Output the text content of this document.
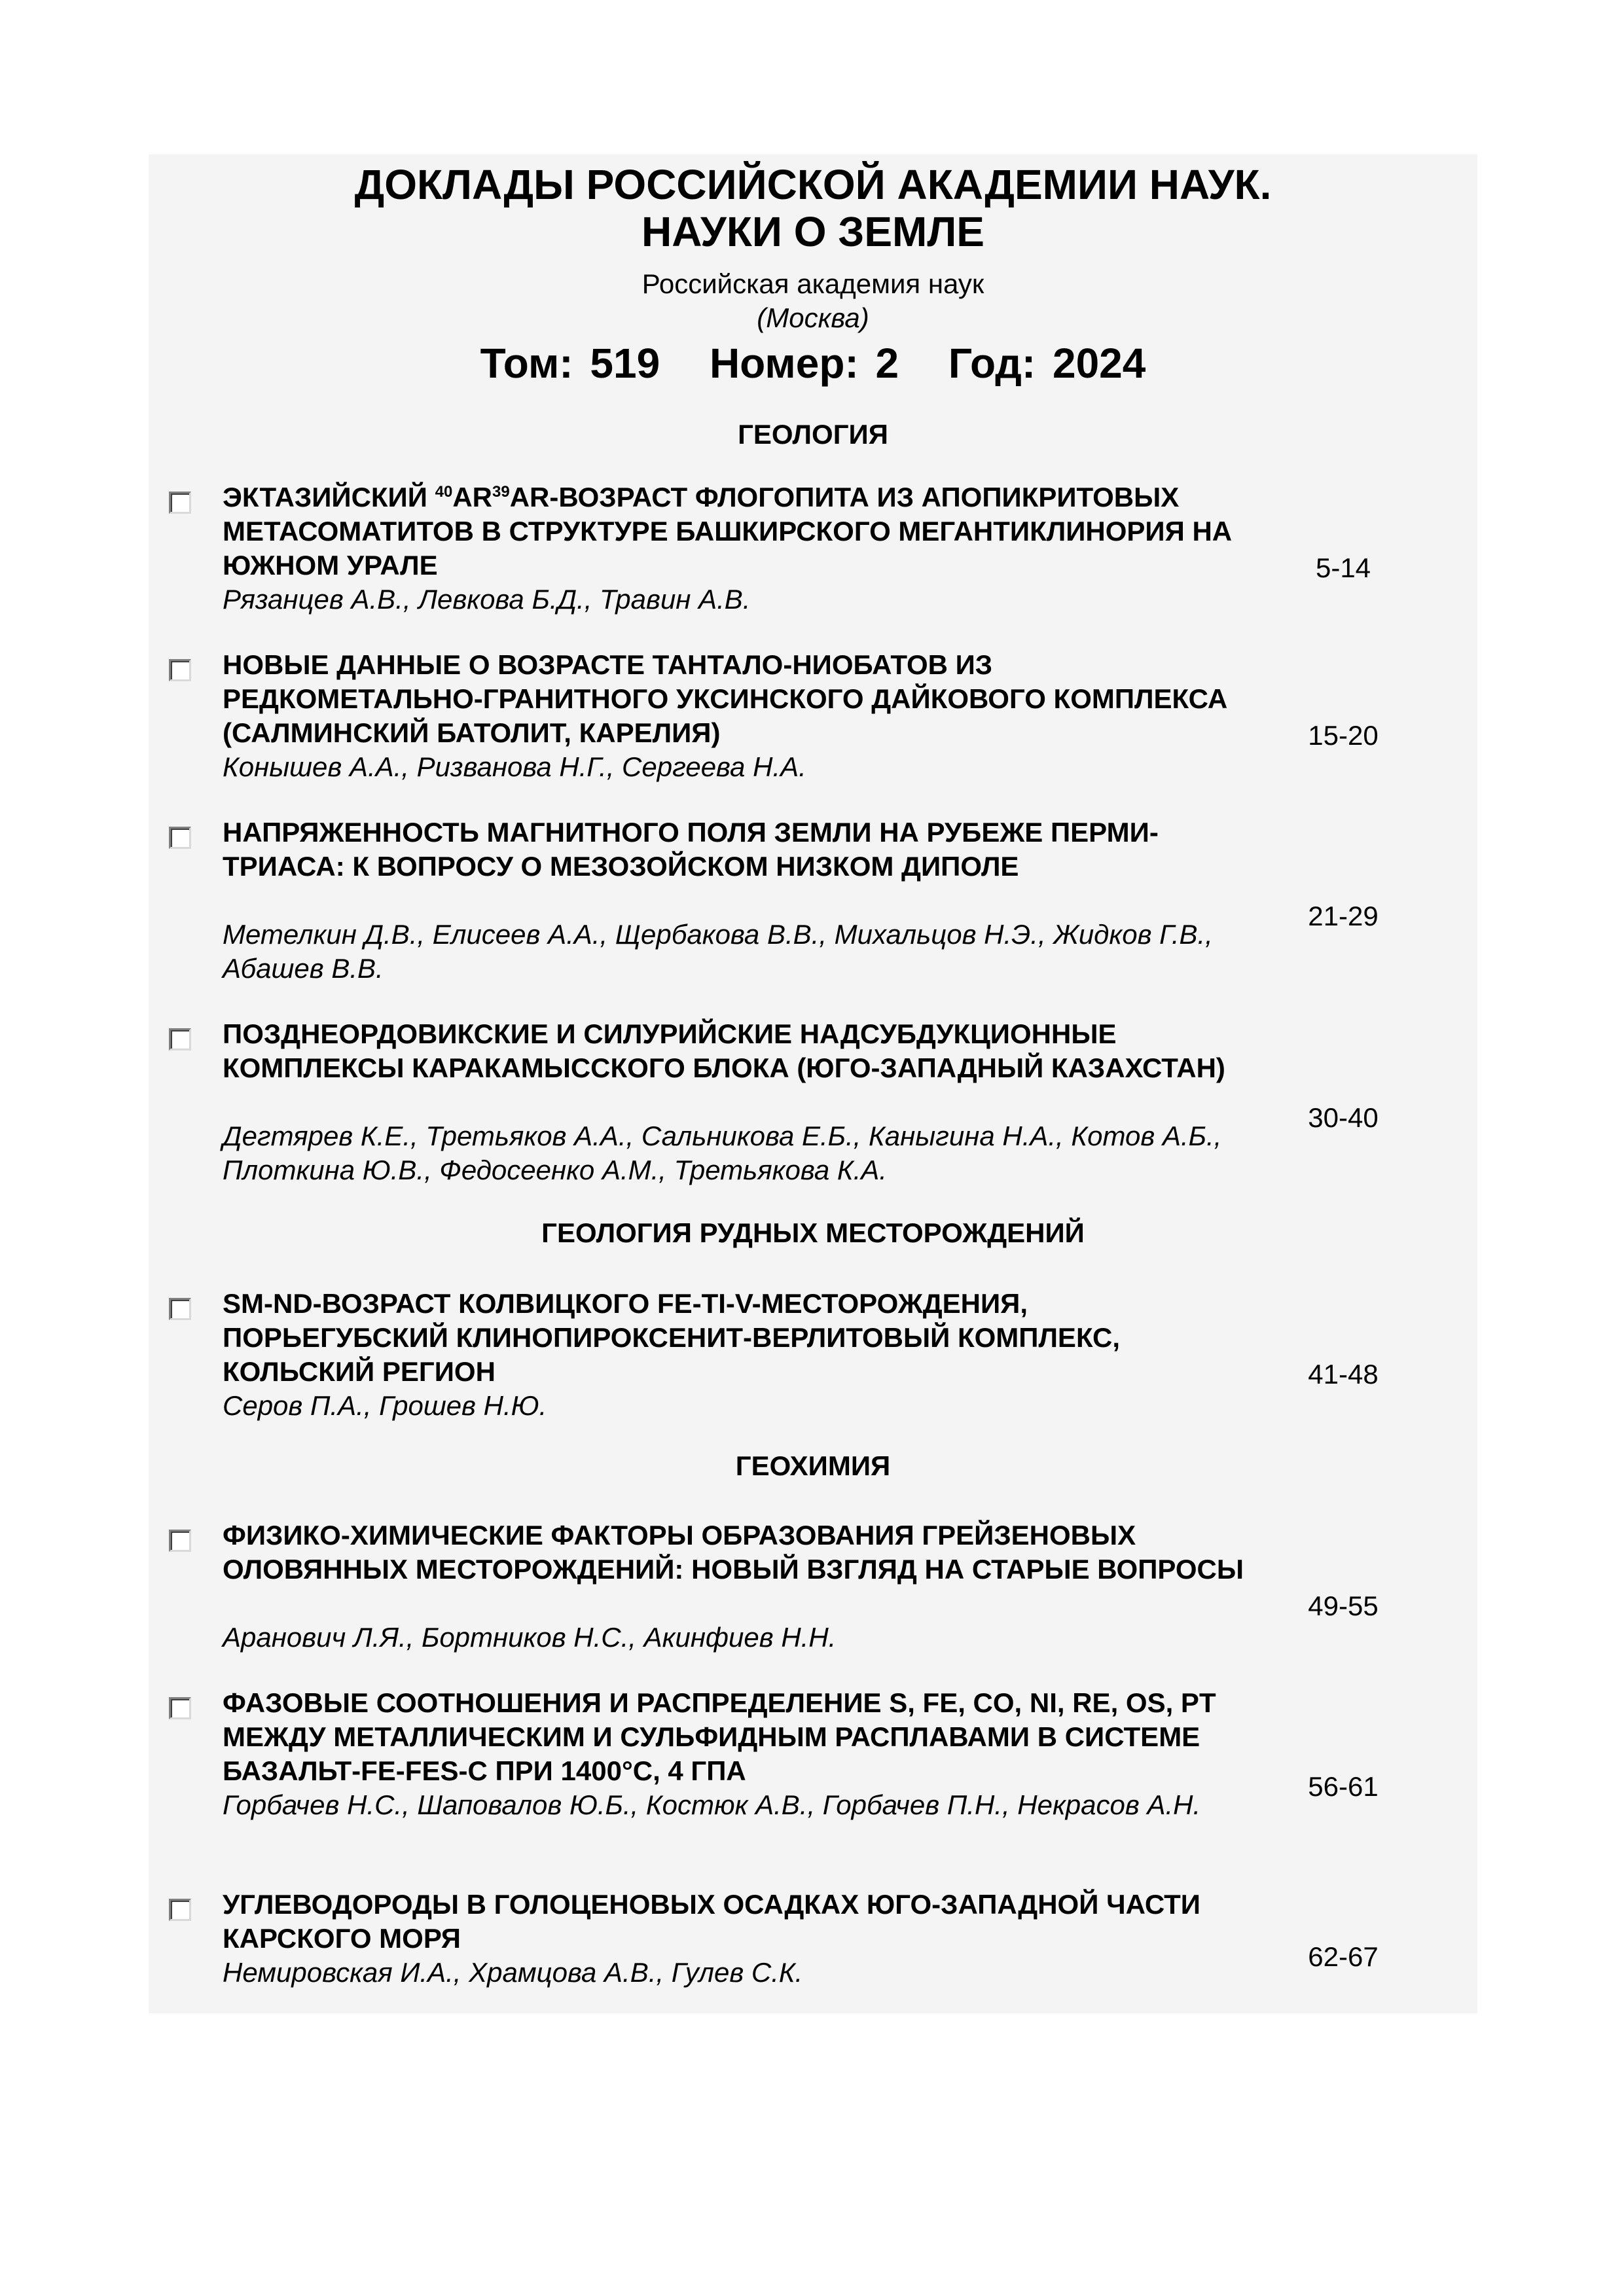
ДОКЛАДЫ РОССИЙСКОЙ АКАДЕМИИ НАУК.
НАУКИ О ЗЕМЛЕ
Российская академия наук
(Москва)
Том: 519 Номер: 2 Год: 2024
ГЕОЛОГИЯ
ЭКТАЗИЙСКИЙ $^{40}$AR$^{39}$AR-ВОЗРАСТ ФЛОГОПИТА ИЗ АПОПИКРИТОВЫХ МЕТАСОМАТИТОВ В СТРУКТУРЕ БАШКИРСКОГО МЕГАНТИКЛИНОРИЯ НА ЮЖНОМ УРАЛЕ
Рязанцев А.В., Левкова Б.Д., Травин А.В.
5-14
НОВЫЕ ДАННЫЕ О ВОЗРАСТЕ ТАНТАЛО-НИОБАТОВ ИЗ РЕДКОМЕТАЛЬНО-ГРАНИТНОГО УКСИНСКОГО ДАЙКОВОГО КОМПЛЕКСА (САЛМИНСКИЙ БАТОЛИТ, КАРЕЛИЯ)
Конышев А.А., Ризванова Н.Г., Сергеева Н.А.
15-20
НАПРЯЖЕННОСТЬ МАГНИТНОГО ПОЛЯ ЗЕМЛИ НА РУБЕЖЕ ПЕРМИ-ТРИАСА: К ВОПРОСУ О МЕЗОЗОЙСКОМ НИЗКОМ ДИПОЛЕ
Метелкин Д.В., Елисеев А.А., Щербакова В.В., Михальцов Н.Э., Жидков Г.В., Абашев В.В.
21-29
ПОЗДНЕОРДОВИКСКИЕ И СИЛУРИЙСКИЕ НАДСУБДУКЦИОННЫЕ КОМПЛЕКСЫ КАРАКАМЫССКОГО БЛОКА (ЮГО-ЗАПАДНЫЙ КАЗАХСТАН)
Дегтярев К.Е., Третьяков А.А., Сальникова Е.Б., Каныгина Н.А., Котов А.Б., Плоткина Ю.В., Федосеенко А.М., Третьякова К.А.
30-40
ГЕОЛОГИЯ РУДНЫХ МЕСТОРОЖДЕНИЙ
SM-ND-ВОЗРАСТ КОЛВИЦКОГО FE-TI-V-МЕСТОРОЖДЕНИЯ, ПОРЬЕГУБСКИЙ КЛИНОПИРОКСЕНИТ-ВЕРЛИТОВЫЙ КОМПЛЕКС, КОЛЬСКИЙ РЕГИОН
Серов П.А., Грошев Н.Ю.
41-48
ГЕОХИМИЯ
ФИЗИКО-ХИМИЧЕСКИЕ ФАКТОРЫ ОБРАЗОВАНИЯ ГРЕЙЗЕНОВЫХ ОЛОВЯННЫХ МЕСТОРОЖДЕНИЙ: НОВЫЙ ВЗГЛЯД НА СТАРЫЕ ВОПРОСЫ
Аранович Л.Я., Бортников Н.С., Акинфиев Н.Н.
49-55
ФАЗОВЫЕ СООТНОШЕНИЯ И РАСПРЕДЕЛЕНИЕ S, FE, CO, NI, RE, OS, PT МЕЖДУ МЕТАЛЛИЧЕСКИМ И СУЛЬФИДНЫМ РАСПЛАВАМИ В СИСТЕМЕ БАЗАЛЬТ-FE-FES-C ПРИ 1400°C, 4 ГПА
Горбачев Н.С., Шаповалов Ю.Б., Костюк А.В., Горбачев П.Н., Некрасов А.Н.
56-61
УГЛЕВОДОРОДЫ В ГОЛОЦЕНОВЫХ ОСАДКАХ ЮГО-ЗАПАДНОЙ ЧАСТИ КАРСКОГО МОРЯ
Немировская И.А., Храмцова А.В., Гулев С.К.
62-67
